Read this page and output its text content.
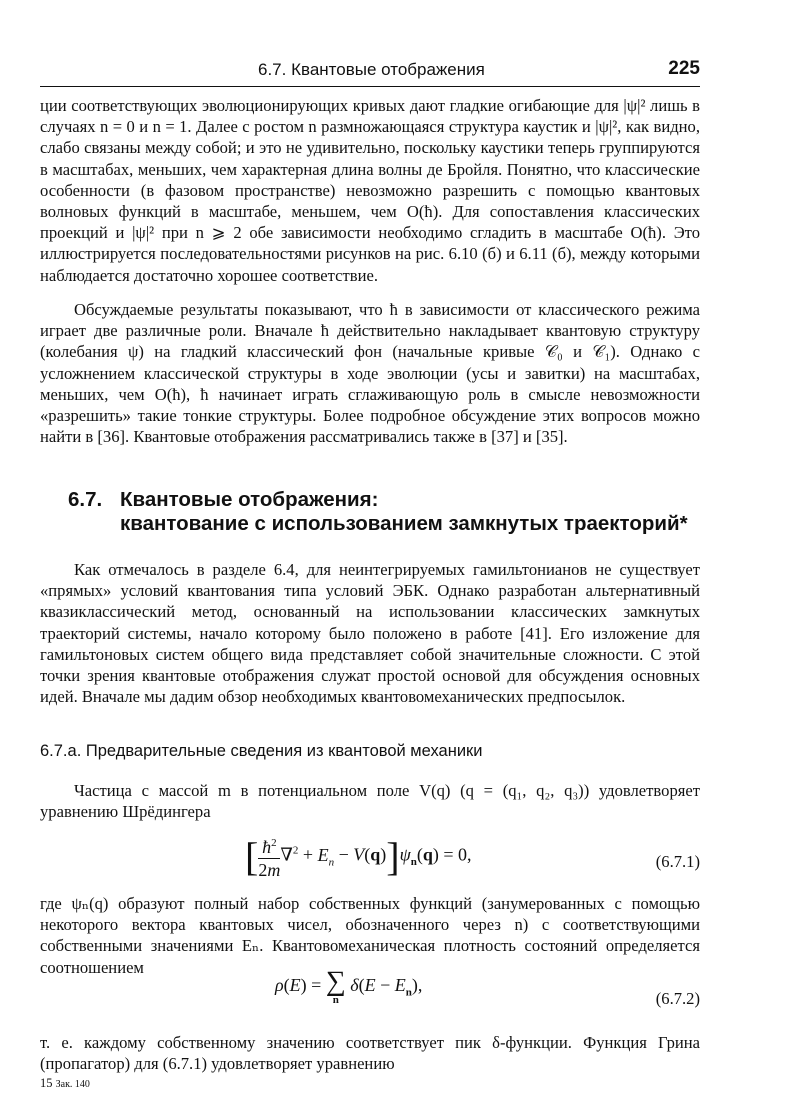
6.7. Квантовые отображения	225

ции соответствующих эволюционирующих кривых дают гладкие огибающие для |ψ|² лишь в случаях n = 0 и n = 1. Далее с ростом n размножающаяся структура каустик и |ψ|², как видно, слабо связаны между собой; и это не удивительно, поскольку каустики теперь группируются в масштабах, меньших, чем характерная длина волны де Бройля. Понятно, что классические особенности (в фазовом пространстве) невозможно разрешить с помощью квантовых волновых функций в масштабе, меньшем, чем O(ħ). Для сопоставления классических проекций и |ψ|² при n ⩾ 2 обе зависимости необходимо сгладить в масштабе O(ħ). Это иллюстрируется последовательностями рисунков на рис. 6.10 (б) и 6.11 (б), между которыми наблюдается достаточно хорошее соответствие.

Обсуждаемые результаты показывают, что ħ в зависимости от классического режима играет две различные роли. Вначале ħ действительно накладывает квантовую структуру (колебания ψ) на гладкий классический фон (начальные кривые 𝒞₀ и 𝒞₁). Однако с усложнением классической структуры в ходе эволюции (усы и завитки) на масштабах, меньших, чем O(ħ), ħ начинает играть сглаживающую роль в смысле невозможности «разрешить» такие тонкие структуры. Более подробное обсуждение этих вопросов можно найти в [36]. Квантовые отображения рассматривались также в [37] и [35].

6.7. Квантовые отображения:
квантование с использованием замкнутых траекторий*

Как отмечалось в разделе 6.4, для неинтегрируемых гамильтонианов не существует «прямых» условий квантования типа условий ЭБК. Однако разработан альтернативный квазиклассический метод, основанный на использовании классических замкнутых траекторий системы, начало которому было положено в работе [41]. Его изложение для гамильтоновых систем общего вида представляет собой значительные сложности. С этой точки зрения квантовые отображения служат простой основой для обсуждения основных идей. Вначале мы дадим обзор необходимых квантовомеханических предпосылок.

6.7.a. Предварительные сведения из квантовой механики

Частица с массой m в потенциальном поле V(q) (q = (q₁, q₂, q₃)) удовлетворяет уравнению Шрёдингера

[ $\frac{ħ^2}{2m} \nabla^2 + E_n - V(q)]\psi_n(q) = 0$,	(6.7.1)

где ψₙ(q) образуют полный набор собственных функций (занумерованных с помощью некоторого вектора квантовых чисел, обозначенного через n) с соответствующими собственными значениями Eₙ. Квантовомеханическая плотность состояний определяется соотношением

ρ(E) = ∑
n
$\delta(E - E_n)$,
(6.7.2)

т. е. каждому собственному значению соответствует пик δ-функции. Функция Грина (пропагатор) для (6.7.1) удовлетворяет уравнению

15 Зак. 140
